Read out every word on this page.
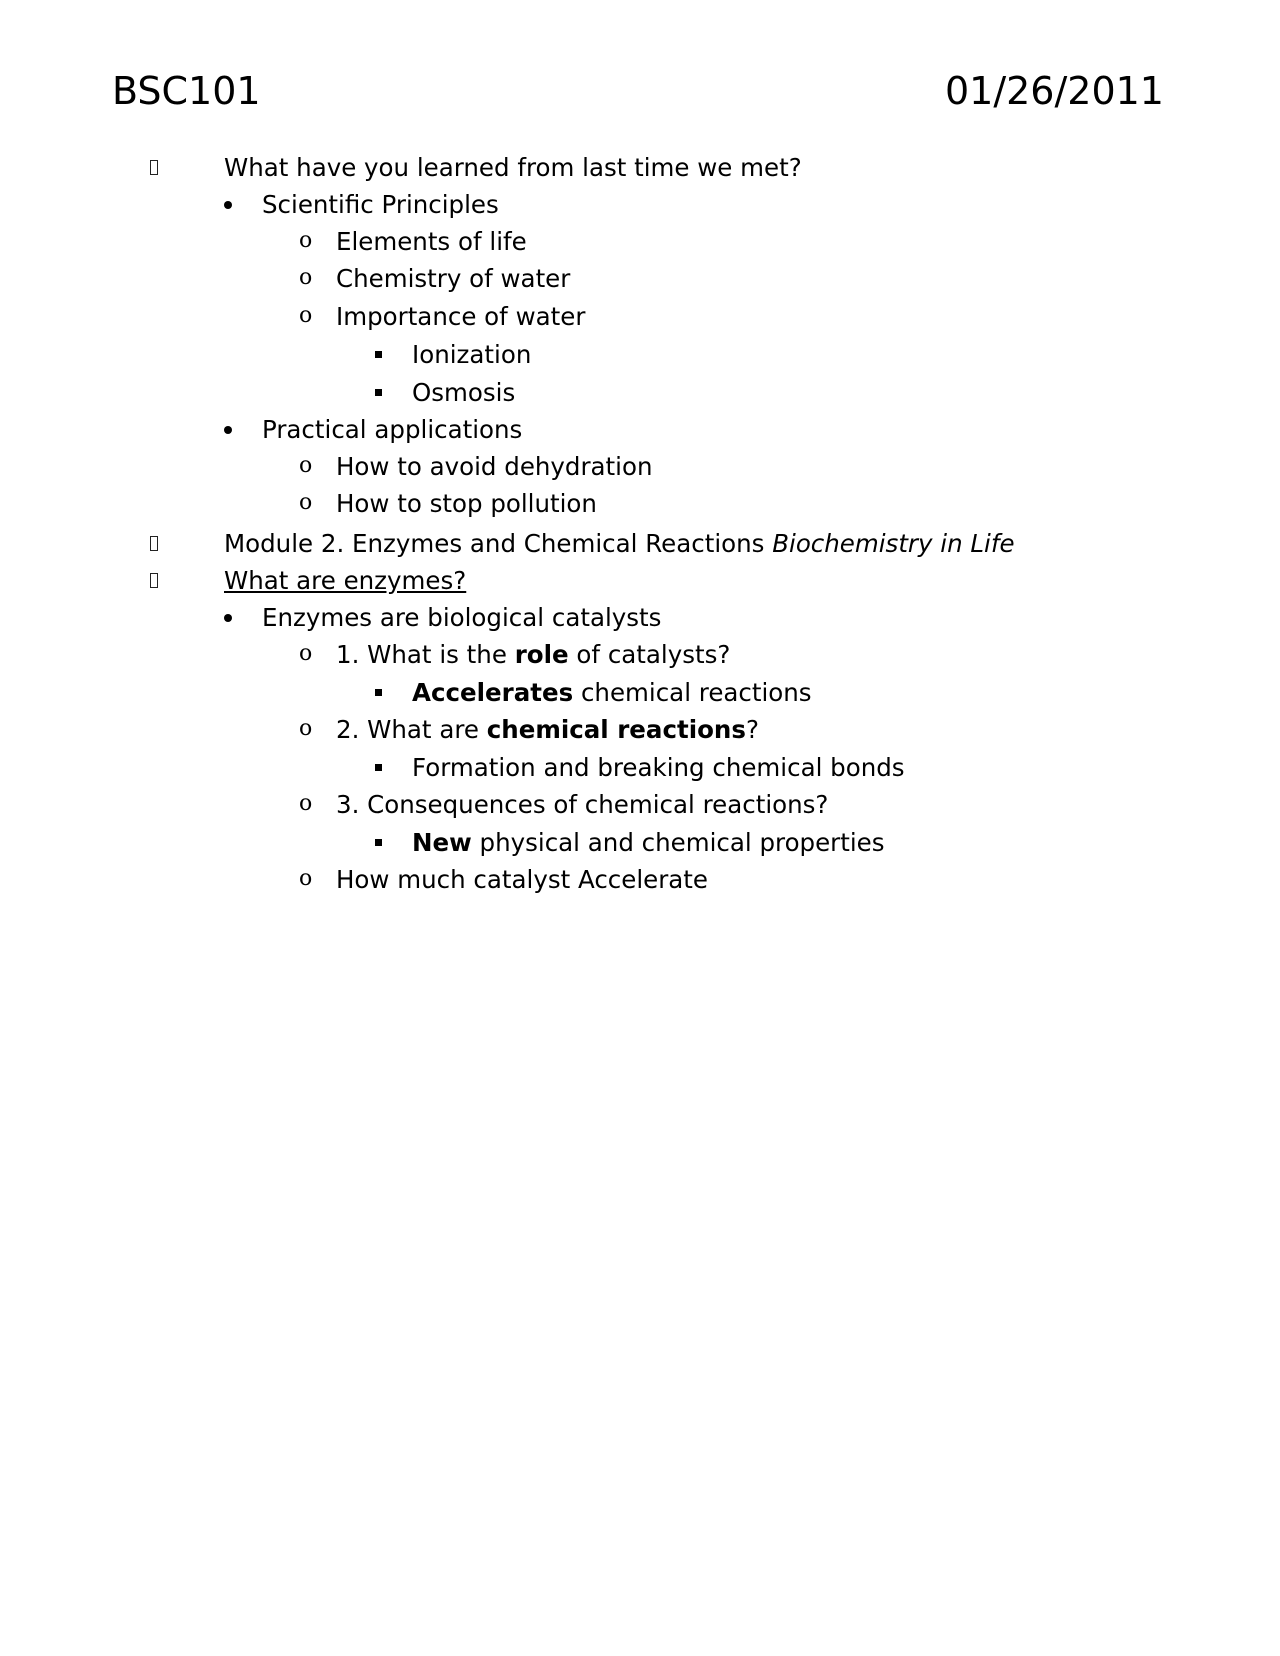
BSC101	01/26/2011
What have you learned from last time we met?
Scientific Principles
o Elements of life
o Chemistry of water
o Importance of water
Ionization
Osmosis
Practical applications
o How to avoid dehydration
o How to stop pollution
Module 2. Enzymes and Chemical Reactions Biochemistry in Life
What are enzymes?
Enzymes are biological catalysts
o 1. What is the role of catalysts?
Accelerates chemical reactions
o 2. What are chemical reactions?
Formation and breaking chemical bonds
o 3. Consequences of chemical reactions?
New physical and chemical properties
o How much catalyst Accelerate
